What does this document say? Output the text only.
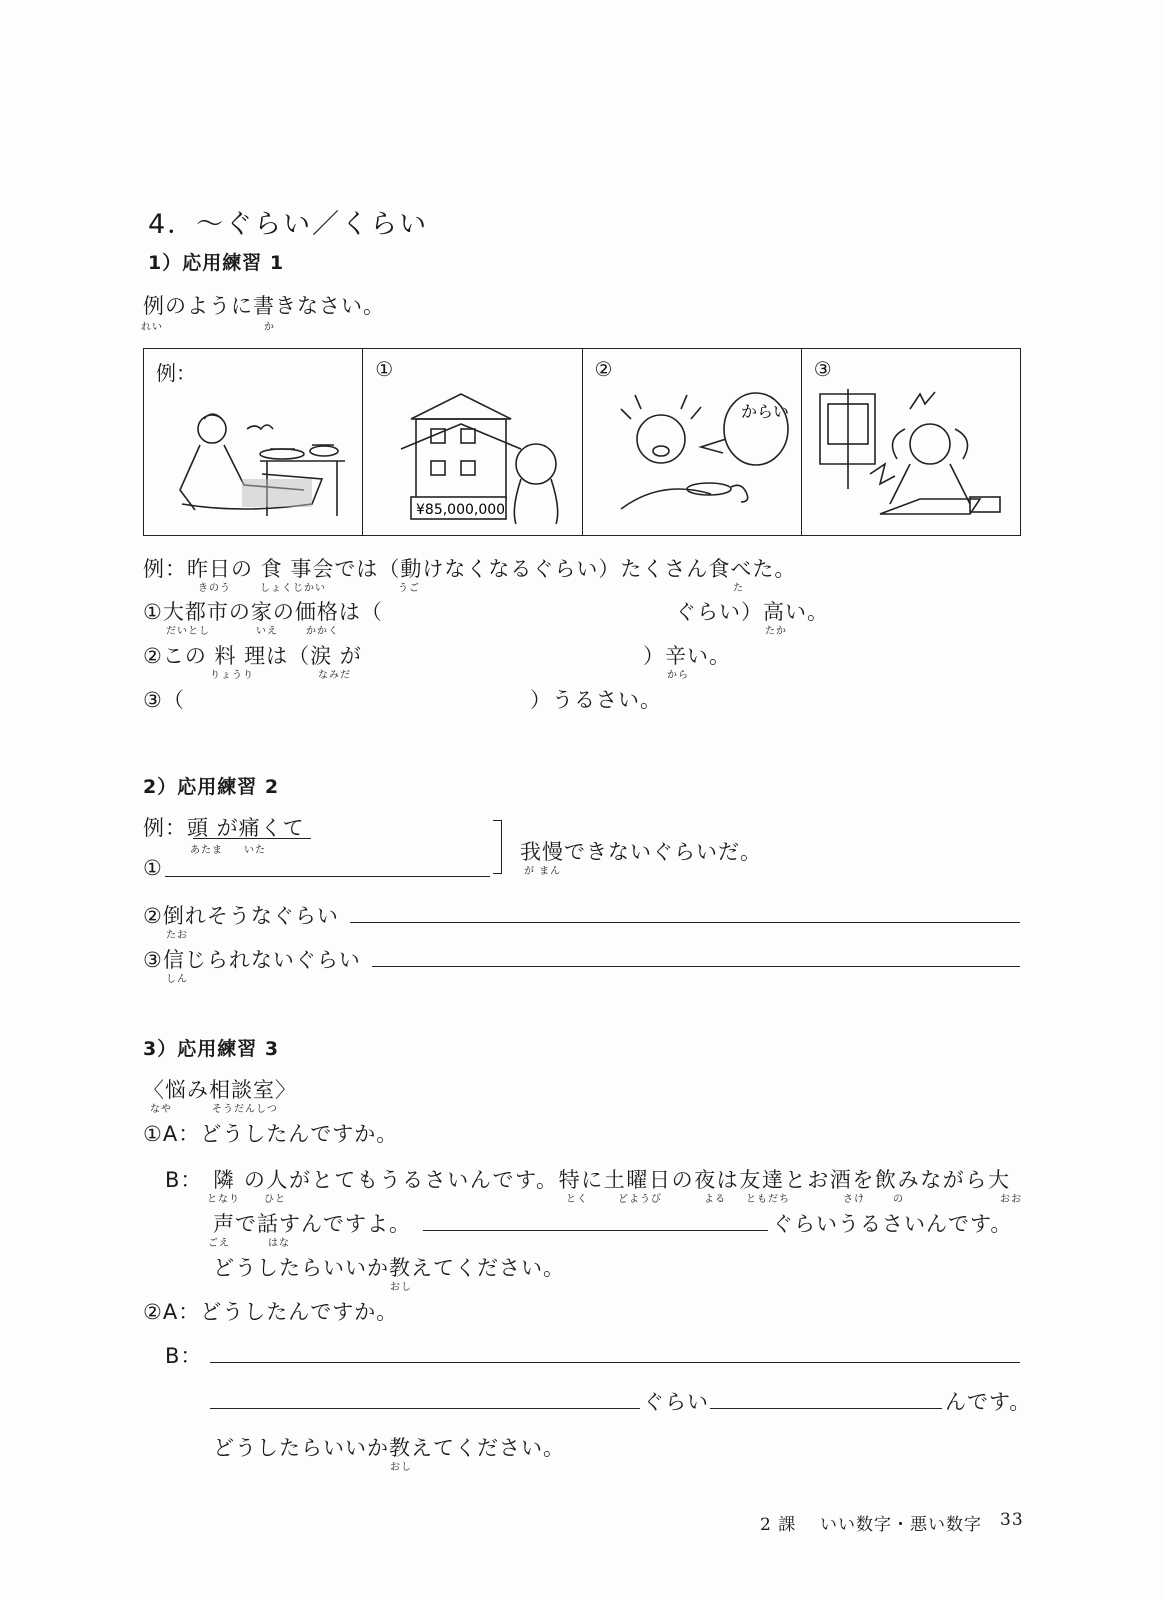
4．〜ぐらい／くらい
1）応用練習 1
例のように書きなさい。
れい	か
例：	①
¥85,000,000
②
からい
③
例：昨日の 食 事会では（動けなくなるぐらい）たくさん食べた。
きのう	しょくじかい	うご	た
①大都市の家の価格は（	ぐらい）高い。
だいとし	いえ	かかく	たか
②この 料 理は（涙 が	）辛い。
りょうり	なみだ	から
③（	）うるさい。
2）応用練習 2
例：頭 が痛くて
あたま いた
①
我慢できないぐらいだ。
が まん
②倒れそうなぐらい
たお
③信じられないぐらい
しん
3）応用練習 3
〈悩み相談室〉
なや	そうだんしつ
①A：どうしたんですか。
B： 隣 の人がとてもうるさいんです。特に土曜日の夜は友達とお酒を飲みながら大
となり ひと	とく	どようび	よる ともだち	さけ	の	おお
声で話すんですよ。	ぐらいうるさいんです。
ごえ	はな
どうしたらいいか教えてください。
おし
②A：どうしたんですか。
B：
ぐらい	んです。
どうしたらいいか教えてください。
おし
2 課 いい数字・悪い数字 33
